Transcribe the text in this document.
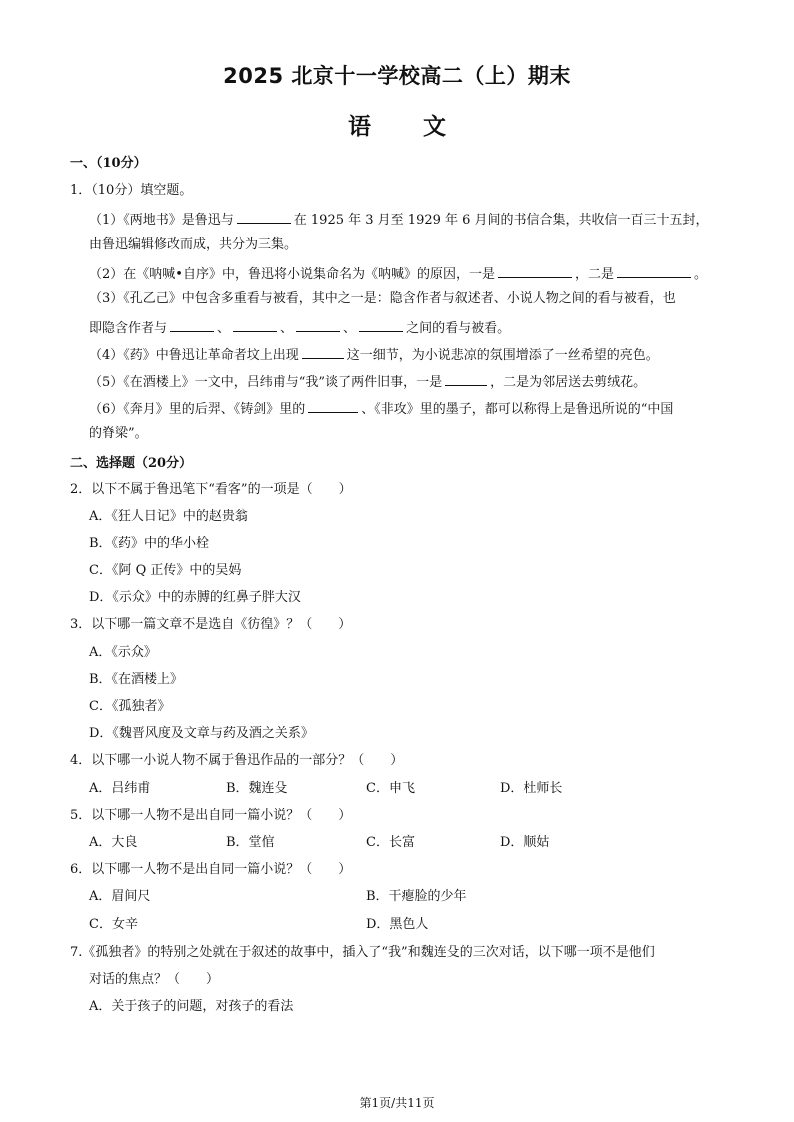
2025 北京十一学校高二（上）期末
语 文
一、（10分）
1．（10分）填空题。
（1）《两地书》是鲁迅与	在 1925 年 3 月至 1929 年 6 月间的书信合集，共收信一百三十五封，
由鲁迅编辑修改而成，共分为三集。
（2）在《呐喊•自序》中，鲁迅将小说集命名为《呐喊》的原因，一是	，二是	。
（3）《孔乙己》中包含多重看与被看，其中之一是：隐含作者与叙述者、小说人物之间的看与被看，也
即隐含作者与	、	、	、	之间的看与被看。
（4）《药》中鲁迅让革命者坟上出现	这一细节，为小说悲凉的氛围增添了一丝希望的亮色。
（5）《在酒楼上》一文中，吕纬甫与“我”谈了两件旧事，一是	，二是为邻居送去剪绒花。
（6）《奔月》里的后羿、《铸剑》里的	、《非攻》里的墨子，都可以称得上是鲁迅所说的“中国
的脊梁”。
二、选择题（20分）
2．以下不属于鲁迅笔下“看客”的一项是（　　）
A．《狂人日记》中的赵贵翁
B．《药》中的华小栓
C．《阿 Q 正传》中的吴妈
D．《示众》中的赤膊的红鼻子胖大汉
3．以下哪一篇文章不是选自《彷徨》？（　　）
A．《示众》
B．《在酒楼上》
C．《孤独者》
D．《魏晋风度及文章与药及酒之关系》
4．以下哪一小说人物不属于鲁迅作品的一部分？（　　）
A．吕纬甫	B．魏连殳	C．申飞	D．杜师长
5．以下哪一人物不是出自同一篇小说？（　　）
A．大良	B．堂倌	C．长富	D．顺姑
6．以下哪一人物不是出自同一篇小说？（　　）
A．眉间尺	B．干瘪脸的少年
C．女辛	D．黑色人
7.《孤独者》的特别之处就在于叙述的故事中，插入了“我”和魏连殳的三次对话，以下哪一项不是他们
对话的焦点？（　　）
A．关于孩子的问题，对孩子的看法
第1页/共11页
